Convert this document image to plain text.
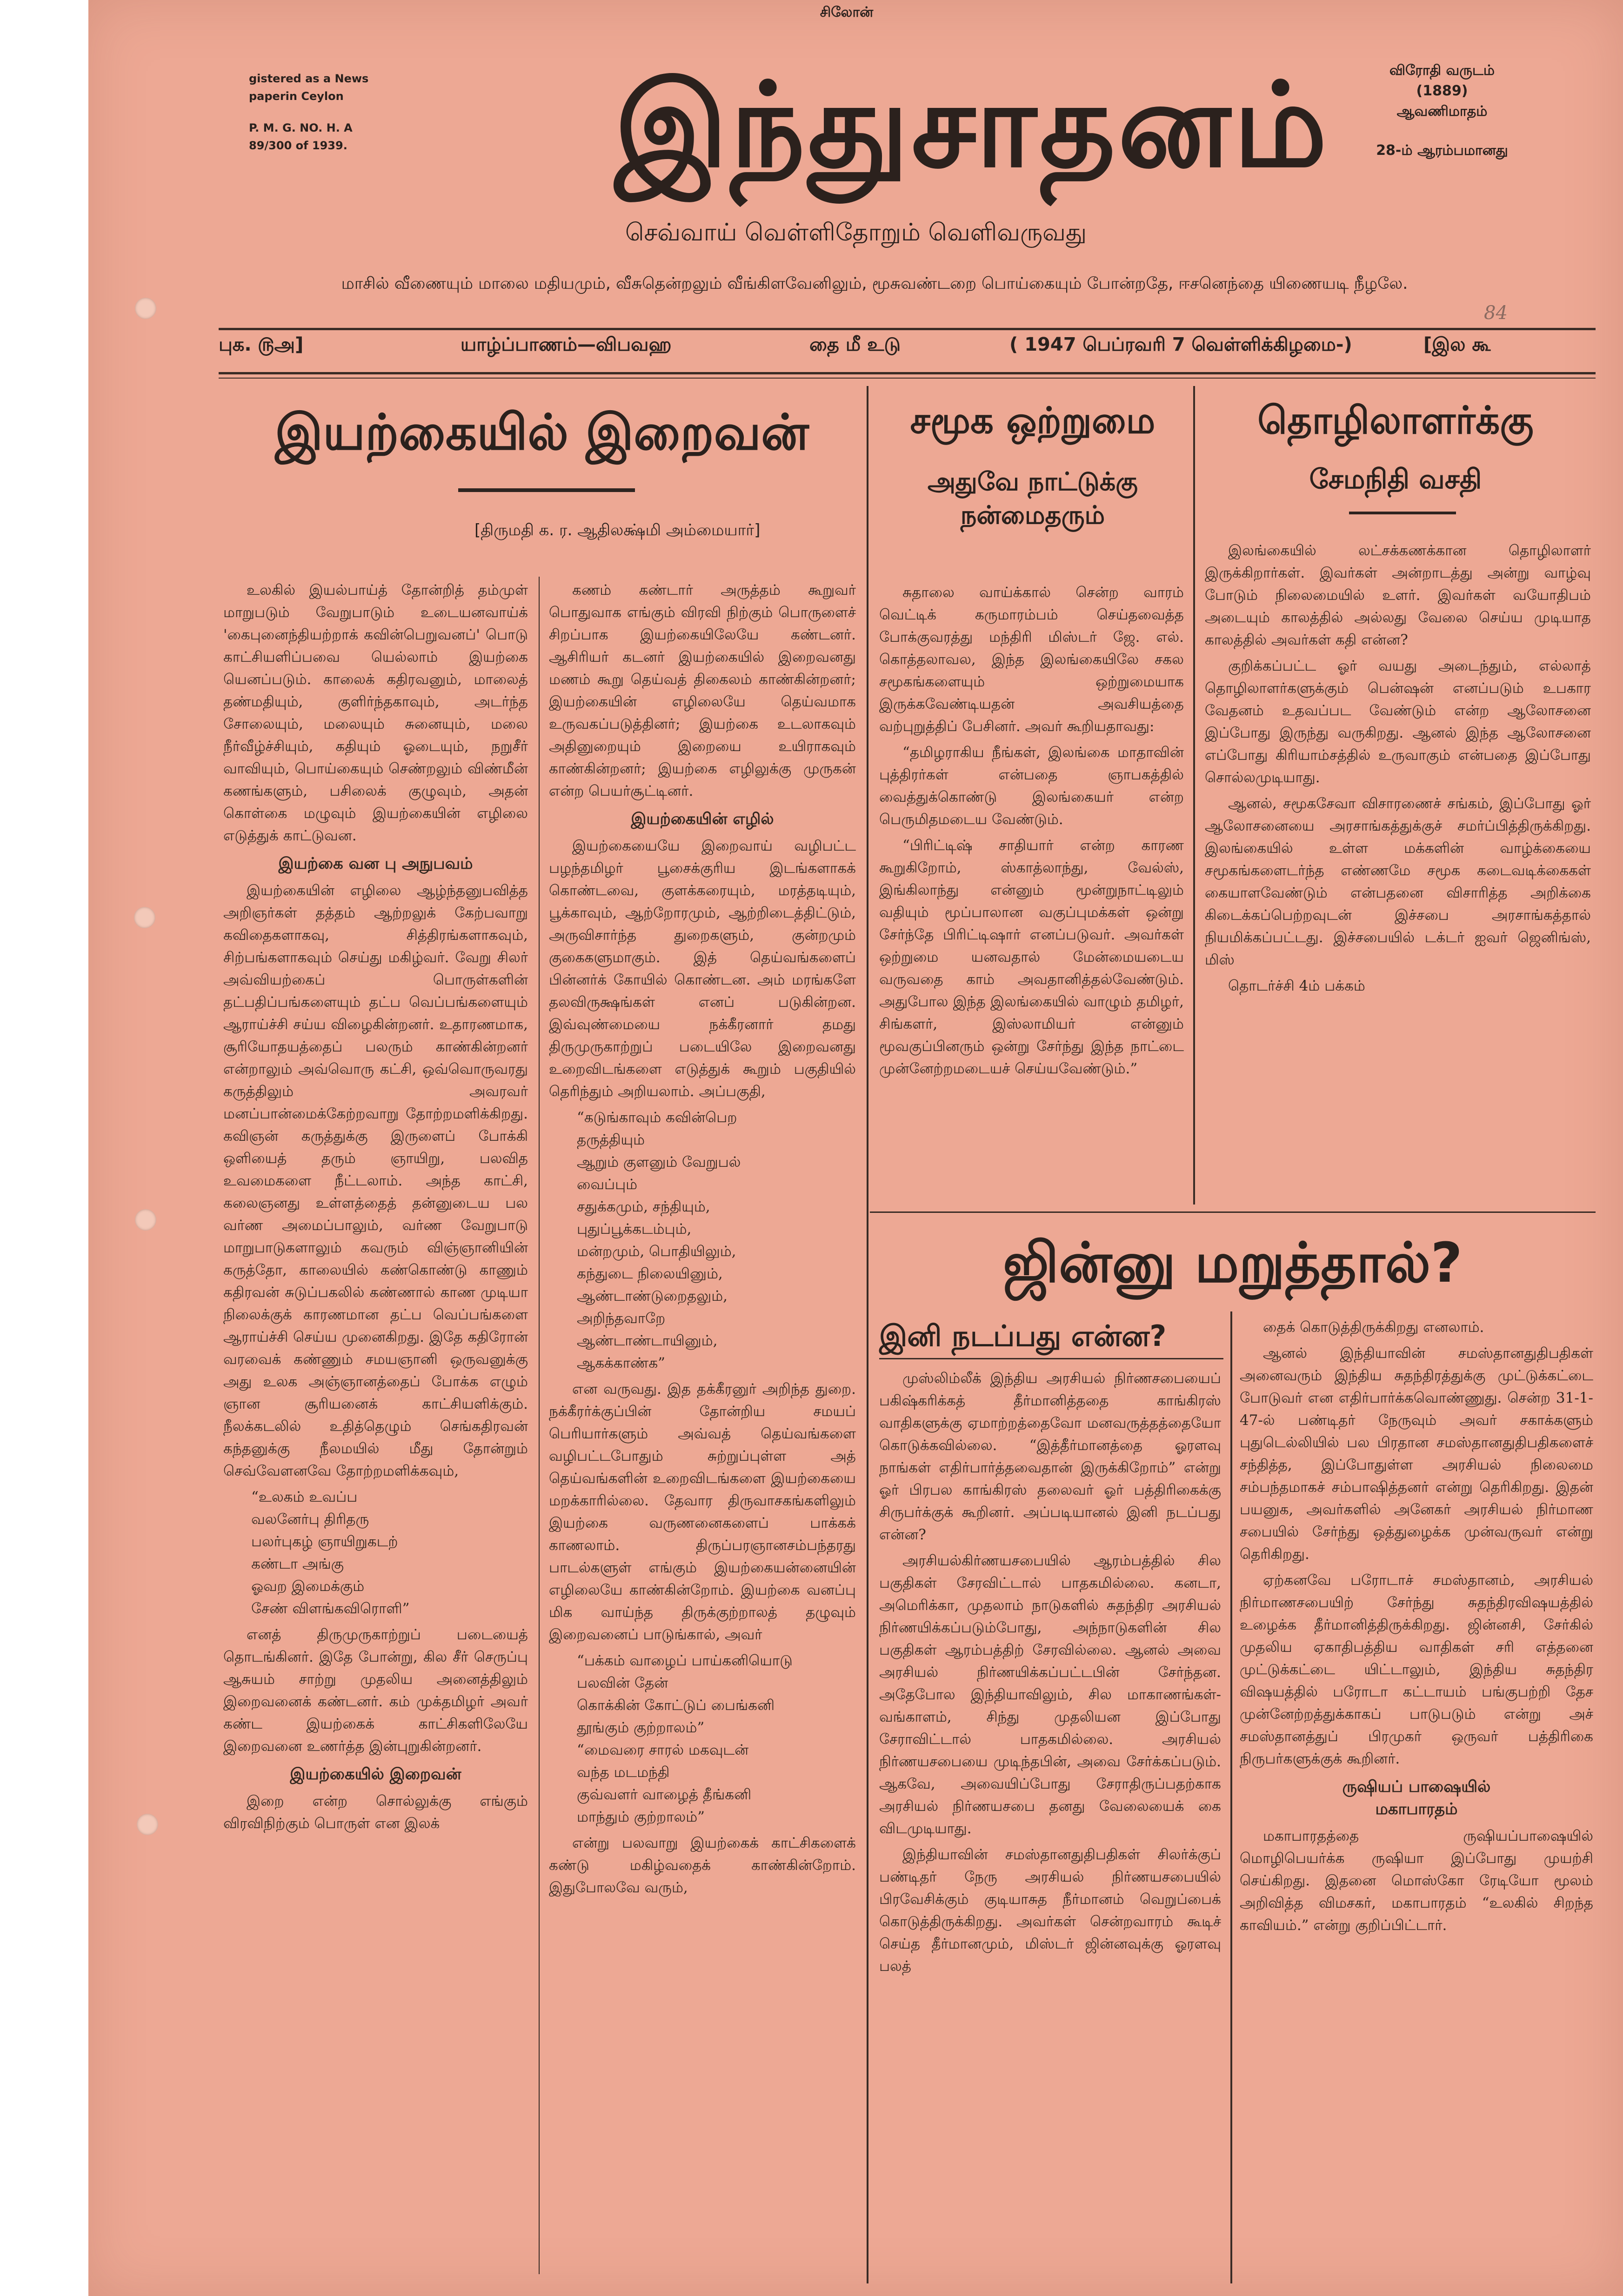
சிலோன்
gistered as a News
paperin Ceylon
P. M. G. NO. H. A
89/300 of 1939.	இந்துசாதனம்	விரோதி வருடம்
(1889)
ஆவணிமாதம்
28-ம் ஆரம்பமானது
செவ்வாய் வெள்ளிதோறும் வெளிவருவது
மாசில் வீணையும் மாலை மதியமும், வீசுதென்றலும் வீங்கிளவேனிலும், மூசுவண்டறை பொய்கையும் போன்றதே, ஈசனெந்தை யிணையடி நீழலே.
84
புக. ௫அ]	யாழ்ப்பாணம்—விபவஹ	தை மீ உடு	( 1947 பெப்ரவரி 7 வெள்ளிக்கிழமை-)	[இல கூ
இயற்கையில் இறைவன்
[திருமதி க. ர. ஆதிலக்ஷ்மி அம்மையார்]

உலகில் இயல்பாய்த் தோன்றித் தம்முள் மாறுபடும் வேறுபாடும் உடையனவாய்க் 'கைபுனைந்தியற்றாக் கவின்பெறுவனப்' பொடு காட்சியளிப்பவை யெல்லாம் இயற்கை யெனப்படும். காலைக் கதிரவனும், மாலைத் தண்மதியும், குளிர்ந்தகாவும், அடர்ந்த சோலையும், மலையும் சுனையும், மலை நீர்வீழ்ச்சியும், கதியும் ஓடையும், நறுசீர் வாவியும், பொய்கையும் செண்றலும் விண்மீன் கணங்களும், பசிலைக் குழுவும், அதன் கொள்கை மழுவும் இயற்கையின் எழிலை எடுத்துக் காட்டுவன.

இயற்கை வன பு அநுபவம்

இயற்கையின் எழிலை ஆழ்ந்தனுபவித்த அறிஞர்கள் தத்தம் ஆற்றலுக் கேற்பவாறு கவிதைகளாகவு, சித்திரங்களாகவும், சிற்பங்களாகவும் செய்து மகிழ்வர். வேறு சிலர் அவ்வியற்கைப் பொருள்களின் தட்பதிப்பங்களையும் தட்ப வெப்பங்களையும் ஆராய்ச்சி சய்ய விழைகின்றனர். உதாரணமாக, சூரியோதயத்தைப் பலரும் காண்கின்றனர் என்றாலும் அவ்வொரு கட்சி, ஒவ்வொருவரது கருத்திலும் அவரவர் மனப்பான்மைக்கேற்றவாறு தோற்றமளிக்கிறது. கவிஞன் கருத்துக்கு இருளைப் போக்கி ஒளியைத் தரும் ஞாயிறு, பலவித உவமைகளை நீட்டலாம். அந்த காட்சி, கலைஞனது உள்ளத்தைத் தன்னுடைய பல வர்ண அமைப்பாலும், வர்ண வேறுபாடு மாறுபாடுகளாலும் கவரும் விஞ்ஞானியின் கருத்தோ, காலையில் கண்கொண்டு காணும் கதிரவன் சுடுப்பகலில் கண்ணால் காண முடியா நிலைக்குக் காரணமான தட்ப வெப்பங்களை ஆராய்ச்சி செய்ய முனைகிறது. இதே கதிரோன் வரவைக் கண்ணும் சமயஞானி ஒருவனுக்கு அது உலக அஞ்ஞானத்தைப் போக்க எழும் ஞான சூரியனைக் காட்சியளிக்கும். நீலக்கடலில் உதித்தெழும் செங்கதிரவன் கந்தனுக்கு நீலமயில் மீது தோன்றும் செவ்வேளனவே தோற்றமளிக்கவும்,

“உலகம் உவப்ப
வலனேர்பு திரிதரு
பலர்புகழ் ஞாயிறுகடற்
கண்டா அங்கு
ஓவற இமைக்கும்
சேண் விளங்கவிரொளி”

எனத் திருமுருகாற்றுப் படையைத் தொடங்கினர். இதே போன்று, கில சீர் செருப்பு ஆசுயம் சாற்று முதலிய அனைத்திலும் இறைவனைக் கண்டனர். கம் முக்தமிழர் அவர் கண்ட இயற்கைக் காட்சிகளிலேயே இறைவனை உணர்த்த இன்புறுகின்றனர்.

இயற்கையில் இறைவன்

இறை என்ற சொல்லுக்கு எங்கும் விரவிநிற்கும் பொருள் என இலக்

கணம் கண்டார் அருத்தம் கூறுவர் பொதுவாக எங்கும் விரவி நிற்கும் பொருளைச் சிறப்பாக இயற்கையிலேயே கண்டனர். ஆசிரியர் கடனர் இயற்கையில் இறைவனது மணம் கூறு தெய்வத் திகைலம் காண்கின்றனர்; இயற்கையின் எழிலையே தெய்வமாக உருவகப்படுத்தினர்; இயற்கை உடலாகவும் அதினுறையும் இறையை உயிராகவும் காண்கின்றனர்; இயற்கை எழிலுக்கு முருகன் என்ற பெயர்சூட்டினர்.

இயற்கையின் எழில்

இயற்கையையே இறைவாய் வழிபட்ட பழந்தமிழர் பூசைக்குரிய இடங்களாகக் கொண்டவை, குளக்கரையும், மரத்தடியும், பூக்காவும், ஆற்றோரமும், ஆற்றிடைத்திட்டும், அருவிசார்ந்த துறைகளும், குன்றமும் குகைகளுமாகும். இத் தெய்வங்களைப் பின்னர்க் கோயில் கொண்டன. அம் மரங்களே தலவிருக்ஷங்கள் எனப் படுகின்றன. இவ்வுண்மையை நக்கீரனார் தமது திருமுருகாற்றுப் படையிலே இறைவனது உறைவிடங்களை எடுத்துக் கூறும் பகுதியில் தெரிந்தும் அறியலாம். அப்பகுதி,

“கடுங்காவும் கவின்பெற
தருத்தியும்
ஆறும் குளனும் வேறுபல்
வைப்பும்
சதுக்கமும், சந்தியும்,
புதுப்பூக்கடம்பும்,
மன்றமும், பொதியிலும்,
கந்துடை நிலையினும்,
ஆண்டாண்டுறைதலும்,
அறிந்தவாறே
ஆண்டாண்டாயினும்,
ஆகக்காண்க”

என வருவது. இத தக்கீரனுர் அறிந்த துறை. நக்கீரர்க்குப்பின் தோன்றிய சமயப் பெரியார்களும் அவ்வத் தெய்வங்களை வழிபட்டபோதும் சுற்றுப்புள்ள அத் தெய்வங்களின் உறைவிடங்களை இயற்கையை மறக்காரில்லை. தேவார திருவாசகங்களிலும் இயற்கை வருணனைகளைப் பாக்கக் காணலாம். திருப்பரஞானசம்பந்தரது பாடல்களுள் எங்கும் இயற்கையன்னையின் எழிலையே காண்கின்றோம். இயற்கை வனப்பு மிக வாய்ந்த திருக்குற்றாலத் தழுவும் இறைவனைப் பாடுங்கால், அவர்

“பக்கம் வாழைப் பாய்கனியொடு
பலவின் தேன்
கொக்கின் கோட்டுப் பைங்கனி
தூங்கும் குற்றாலம்”
“மைவரை சாரல் மகவுடன்
வந்த மடமந்தி
குவ்வளர் வாழைத் தீங்கனி
மாந்தும் குற்றாலம்”

என்று பலவாறு இயற்கைக் காட்சிகளைக் கண்டு மகிழ்வதைக் காண்கின்றோம். இதுபோலவே வரும்,

சமூக ஒற்றுமை
அதுவே நாட்டுக்கு நன்மைதரும்

சுதாலை வாய்க்கால் சென்ற வாரம் வெட்டிக் கருமாரம்பம் செய்தவைத்த போக்குவரத்து மந்திரி மிஸ்டர் ஜே. எல். கொத்தலாவல, இந்த இலங்கையிலே சகல சமூகங்களையும் ஒற்றுமையாக இருக்கவேண்டியதன் அவசியத்தை வற்புறுத்திப் பேசினர். அவர் கூறியதாவது:

“தமிழராகிய நீங்கள், இலங்கை மாதாவின் புத்திரர்கள் என்பதை ஞாபகத்தில் வைத்துக்கொண்டு இலங்கையர் என்ற பெருமிதமடைய வேண்டும்.

“பிரிட்டிஷ் சாதியார் என்ற காரண கூறுகிறோம், ஸ்காத்லாந்து, வேல்ஸ், இங்கிலாந்து என்னும் மூன்றுநாட்டிலும் வதியும் மூப்பாலான வகுப்புமக்கள் ஒன்று சேர்ந்தே பிரிட்டிஷார் எனப்படுவர். அவர்கள் ஒற்றுமை யனவதால் மேன்மையடைய வருவதை காம் அவதானித்தல்வேண்டும். அதுபோல இந்த இலங்கையில் வாழும் தமிழர், சிங்களர், இஸ்லாமியர் என்னும் மூவகுப்பினரும் ஒன்று சேர்ந்து இந்த நாட்டை முன்னேற்றமடையச் செய்யவேண்டும்.”

தொழிலாளர்க்கு
சேமநிதி வசதி

இலங்கையில் லட்சக்கணக்கான தொழிலாளர் இருக்கிறார்கள். இவர்கள் அன்றாடத்து அன்று வாழ்வு போடும் நிலைமையில் உளர். இவர்கள் வயோதிபம் அடையும் காலத்தில் அல்லது வேலை செய்ய முடியாத காலத்தில் அவர்கள் கதி என்ன?

குறிக்கப்பட்ட ஓர் வயது அடைந்தும், எல்லாத் தொழிலாளர்களுக்கும் பென்ஷன் எனப்படும் உபகார வேதனம் உதவப்பட வேண்டும் என்ற ஆலோசனை இப்போது இருந்து வருகிறது. ஆனல் இந்த ஆலோசனை எப்போது கிரியாம்சத்தில் உருவாகும் என்பதை இப்போது சொல்லமுடியாது.

ஆனல், சமூகசேவா விசாரணைச் சங்கம், இப்போது ஓர் ஆலோசனையை அரசாங்கத்துக்குச் சமர்ப்பித்திருக்கிறது. இலங்கையில் உள்ள மக்களின் வாழ்க்கையை சமூகங்களைடர்ந்த எண்ணமே சமூக கடைவடிக்கைகள் கையாளவேண்டும் என்பதனை விசாரித்த அறிக்கை கிடைக்கப்பெற்றவுடன் இச்சபை அரசாங்கத்தால் நியமிக்கப்பட்டது. இச்சபையில் டக்டர் ஐவர் ஜெனிங்ஸ், மிஸ்

தொடர்ச்சி 4ம் பக்கம்

ஜின்னு மறுத்தால்?
இனி நடப்பது என்ன?

முஸ்லிம்லீக் இந்திய அரசியல் நிர்ணசபையைப் பகிஷ்கரிக்கத் தீர்மானித்ததை காங்கிரஸ் வாதிகளுக்கு ஏமாற்றத்தைவோ மனவருத்தத்தையோ கொடுக்கவில்லை. “இத்தீர்மானத்தை ஓரளவு நாங்கள் எதிர்பார்த்தவைதான் இருக்கிறோம்” என்று ஓர் பிரபல காங்கிரஸ் தலைவர் ஓர் பத்திரிகைக்கு சிருபர்க்குக் கூறினர். அப்படியானல் இனி நடப்பது என்ன?

அரசியல்கிர்ணயசபையில் ஆரம்பத்தில் சில பகுதிகள் சேரவிட்டால் பாதகமில்லை. கனடா, அமெரிக்கா, முதலாம் நாடுகளில் சுதந்திர அரசியல் நிர்ணயிக்கப்படும்போது, அந்நாடுகளின் சில பகுதிகள் ஆரம்பத்திற் சேரவில்லை. ஆனல் அவை அரசியல் நிர்ணயிக்கப்பட்டபின் சேர்ந்தன. அதேபோல இந்தியாவிலும், சில மாகாணங்கள்-வங்காளம், சிந்து முதலியன இப்போது சேராவிட்டால் பாதகமில்லை. அரசியல் நிர்ணயசபையை முடிந்தபின், அவை சேர்க்கப்படும். ஆகவே, அவையிப்போது சேராதிருப்பதற்காக அரசியல் நிர்ணயசபை தனது வேலையைக் கை விடமுடியாது.

இந்தியாவின் சமஸ்தானதுதிபதிகள் சிலர்க்குப் பண்டிதர் நேரு அரசியல் நிர்ணயசபையில் பிரவேசிக்கும் குடியாசுத நீர்மானம் வெறுப்பைக் கொடுத்திருக்கிறது. அவர்கள் சென்றவாரம் கூடிச் செய்த தீர்மானமும், மிஸ்டர் ஜின்னவுக்கு ஓரளவு பலத்

தைக் கொடுத்திருக்கிறது எனலாம்.

ஆனல் இந்தியாவின் சமஸ்தானதுதிபதிகள் அனைவரும் இந்திய சுதந்திரத்துக்கு முட்டுக்கட்டை போடுவர் என எதிர்பார்க்கவொண்ணுது. சென்ற 31-1-47-ல் பண்டிதர் நேருவும் அவர் சகாக்களும் புதுடெல்லியில் பல பிரதான சமஸ்தானதுதிபதிகளைச் சந்தித்த, இப்போதுள்ள அரசியல் நிலைமை சம்பந்தமாகச் சம்பாஷித்தனர் என்று தெரிகிறது. இதன் பயனுக, அவர்களில் அனேகர் அரசியல் நிர்மாண சபையில் சேர்ந்து ஒத்துழைக்க முன்வருவர் என்று தெரிகிறது.

ஏற்கனவே பரோடாச் சமஸ்தானம், அரசியல் நிர்மாணசபையிற் சேர்ந்து சுதந்திரவிஷயத்தில் உழைக்க தீர்மானித்திருக்கிறது. ஜின்னசி, சேர்கில் முதலிய ஏகாதிபத்திய வாதிகள் சரி எத்தனை முட்டுக்கட்டை யிட்டாலும், இந்திய சுதந்திர விஷயத்தில் பரோடா கட்டாயம் பங்குபற்றி தேச முன்னேற்றத்துக்காகப் பாடுபடும் என்று அச் சமஸ்தானத்துப் பிரமுகர் ஒருவர் பத்திரிகை நிருபர்களுக்குக் கூறினர்.

ருஷியப் பாஷையில்
மகாபாரதம்

மகாபாரதத்தை ருஷியப்பாஷையில் மொழிபெயர்க்க ருஷியா இப்போது முயற்சி செய்கிறது. இதனை மொஸ்கோ ரேடியோ மூலம் அறிவித்த விமசகர், மகாபாரதம் “உலகில் சிறந்த காவியம்.” என்று குறிப்பிட்டார்.
